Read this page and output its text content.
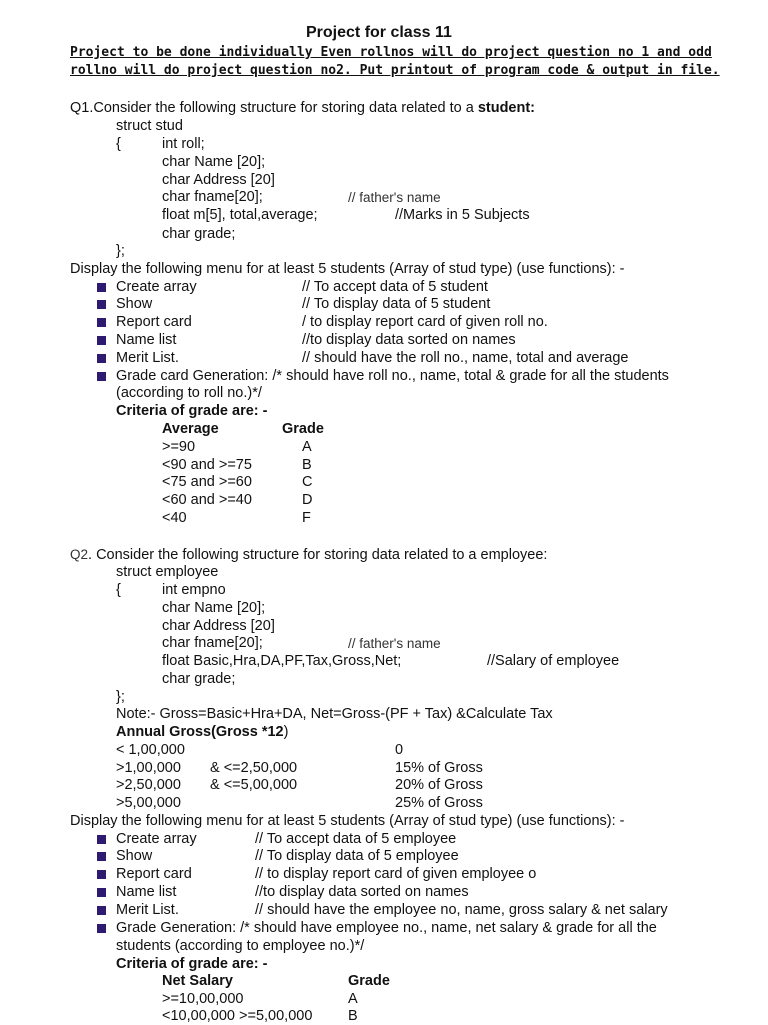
Project for class 11
Project to be done individually Even rollnos will do project question no 1 and odd
rollno will do project question no2. Put printout of program code & output in file.
Q1.Consider the following structure for storing data related to a student:
struct stud
{	int roll;
char Name [20];
char Address [20]
char fname[20];	// father's name
float m[5], total,average;	//Marks in 5 Subjects
char grade;
};
Display the following menu for at least 5 students (Array of stud type) (use functions): -
Create array	// To accept data of 5 student
Show	// To display data of 5 student
Report card	/ to display report card of given roll no.
Name list	//to display data sorted on names
Merit List.	// should have the roll no., name, total and average
Grade card Generation: /* should have roll no., name, total & grade for all the students
(according to roll no.)*/
Criteria of grade are: -
Average	Grade
>=90	A
<90 and >=75	B
<75 and >=60	C
<60 and >=40	D
<40	F
Q2. Consider the following structure for storing data related to a employee:
struct employee
{	int empno
char Name [20];
char Address [20]
char fname[20];	// father's name
float Basic,Hra,DA,PF,Tax,Gross,Net;	//Salary of employee
char grade;
};
Note:- Gross=Basic+Hra+DA, Net=Gross-(PF + Tax) &Calculate Tax
Annual Gross(Gross *12)
< 1,00,000	0
>1,00,000 & <=2,50,000	15% of Gross
>2,50,000 & <=5,00,000	20% of Gross
>5,00,000	25% of Gross
Display the following menu for at least 5 students (Array of stud type) (use functions): -
Create array	// To accept data of 5 employee
Show	// To display data of 5 employee
Report card	// to display report card of given employee o
Name list	//to display data sorted on names
Merit List.	// should have the employee no, name, gross salary & net salary
Grade Generation: /* should have employee no., name, net salary & grade for all the
students (according to employee no.)*/
Criteria of grade are: -
Net Salary	Grade
>=10,00,000	A
<10,00,000 >=5,00,000 B
